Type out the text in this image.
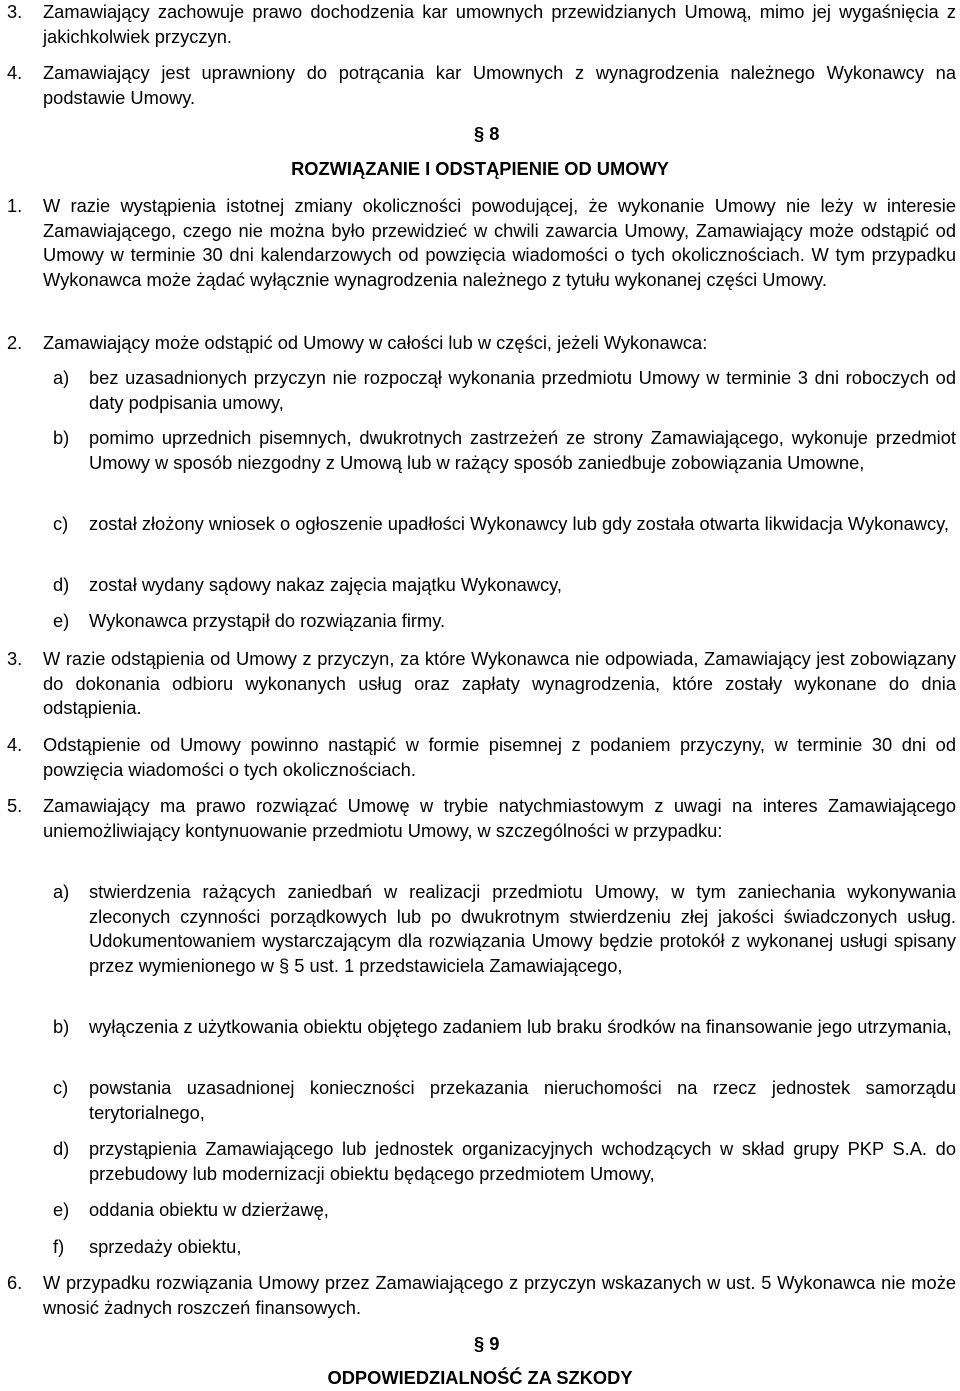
3. Zamawiający zachowuje prawo dochodzenia kar umownych przewidzianych Umową, mimo jej wygaśnięcia z jakichkolwiek przyczyn.
4. Zamawiający jest uprawniony do potrącania kar Umownych z wynagrodzenia należnego Wykonawcy na podstawie Umowy.
§ 8
ROZWIĄZANIE I ODSTĄPIENIE OD UMOWY
1. W razie wystąpienia istotnej zmiany okoliczności powodującej, że wykonanie Umowy nie leży w interesie Zamawiającego, czego nie można było przewidzieć w chwili zawarcia Umowy, Zamawiający może odstąpić od Umowy w terminie 30 dni kalendarzowych od powzięcia wiadomości o tych okolicznościach. W tym przypadku Wykonawca może żądać wyłącznie wynagrodzenia należnego z tytułu wykonanej części Umowy.
2. Zamawiający może odstąpić od Umowy w całości lub w części, jeżeli Wykonawca:
a) bez uzasadnionych przyczyn nie rozpoczął wykonania przedmiotu Umowy w terminie 3 dni roboczych od daty podpisania umowy,
b) pomimo uprzednich pisemnych, dwukrotnych zastrzeżeń ze strony Zamawiającego, wykonuje przedmiot Umowy w sposób niezgodny z Umową lub w rażący sposób zaniedbuje zobowiązania Umowne,
c) został złożony wniosek o ogłoszenie upadłości Wykonawcy lub gdy została otwarta likwidacja Wykonawcy,
d) został wydany sądowy nakaz zajęcia majątku Wykonawcy,
e) Wykonawca przystąpił do rozwiązania firmy.
3. W razie odstąpienia od Umowy z przyczyn, za które Wykonawca nie odpowiada, Zamawiający jest zobowiązany do dokonania odbioru wykonanych usług oraz zapłaty wynagrodzenia, które zostały wykonane do dnia odstąpienia.
4. Odstąpienie od Umowy powinno nastąpić w formie pisemnej z podaniem przyczyny, w terminie 30 dni od powzięcia wiadomości o tych okolicznościach.
5. Zamawiający ma prawo rozwiązać Umowę w trybie natychmiastowym z uwagi na interes Zamawiającego uniemożliwiający kontynuowanie przedmiotu Umowy, w szczególności w przypadku:
a) stwierdzenia rażących zaniedbań w realizacji przedmiotu Umowy, w tym zaniechania wykonywania zleconych czynności porządkowych lub po dwukrotnym stwierdzeniu złej jakości świadczonych usług. Udokumentowaniem wystarczającym dla rozwiązania Umowy będzie protokół z wykonanej usługi spisany przez wymienionego w § 5 ust. 1 przedstawiciela Zamawiającego,
b) wyłączenia z użytkowania obiektu objętego zadaniem lub braku środków na finansowanie jego utrzymania,
c) powstania uzasadnionej konieczności przekazania nieruchomości na rzecz jednostek samorządu terytorialnego,
d) przystąpienia Zamawiającego lub jednostek organizacyjnych wchodzących w skład grupy PKP S.A. do przebudowy lub modernizacji obiektu będącego przedmiotem Umowy,
e) oddania obiektu w dzierżawę,
f) sprzedaży obiektu,
6. W przypadku rozwiązania Umowy przez Zamawiającego z przyczyn wskazanych w ust. 5 Wykonawca nie może wnosić żadnych roszczeń finansowych.
§ 9
ODPOWIEDZIALNOŚĆ ZA SZKODY
